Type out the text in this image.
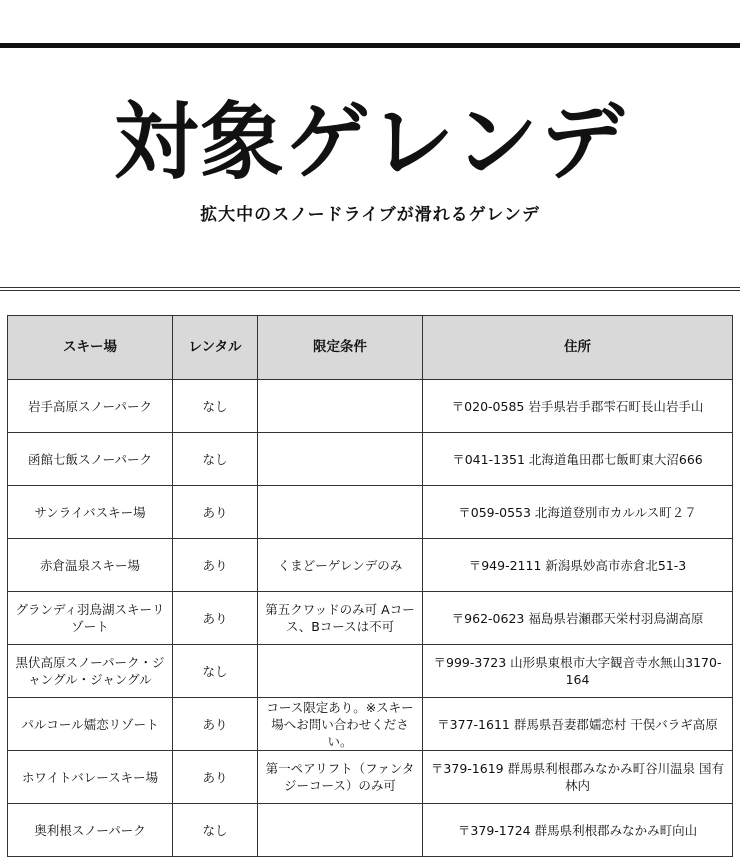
対象ゲレンデ

拡大中のスノードライブが滑れるゲレンデ

スキー場	レンタル	限定条件	住所
岩手高原スノーパーク	なし		〒020-0585 岩手県岩手郡雫石町長山岩手山
函館七飯スノーパーク	なし		〒041-1351 北海道亀田郡七飯町東大沼666
サンライバスキー場	あり		〒059-0553 北海道登別市カルルス町２７
赤倉温泉スキー場	あり	くまどーゲレンデのみ	〒949-2111 新潟県妙高市赤倉北51-3
グランディ羽鳥湖スキーリゾート	あり	第五クワッドのみ可 Aコース、Bコースは不可	〒962-0623 福島県岩瀬郡天栄村羽鳥湖高原
黒伏高原スノーパーク・ジャングル・ジャングル	なし		〒999-3723 山形県東根市大字観音寺水無山3170-164
パルコール嬬恋リゾート	あり	コース限定あり。※スキー場へお問い合わせください。	〒377-1611 群馬県吾妻郡嬬恋村 干俣バラギ高原
ホワイトバレースキー場	あり	第一ペアリフト（ファンタジーコース）のみ可	〒379-1619 群馬県利根郡みなかみ町谷川温泉 国有林内
奥利根スノーパーク	なし		〒379-1724 群馬県利根郡みなかみ町向山
